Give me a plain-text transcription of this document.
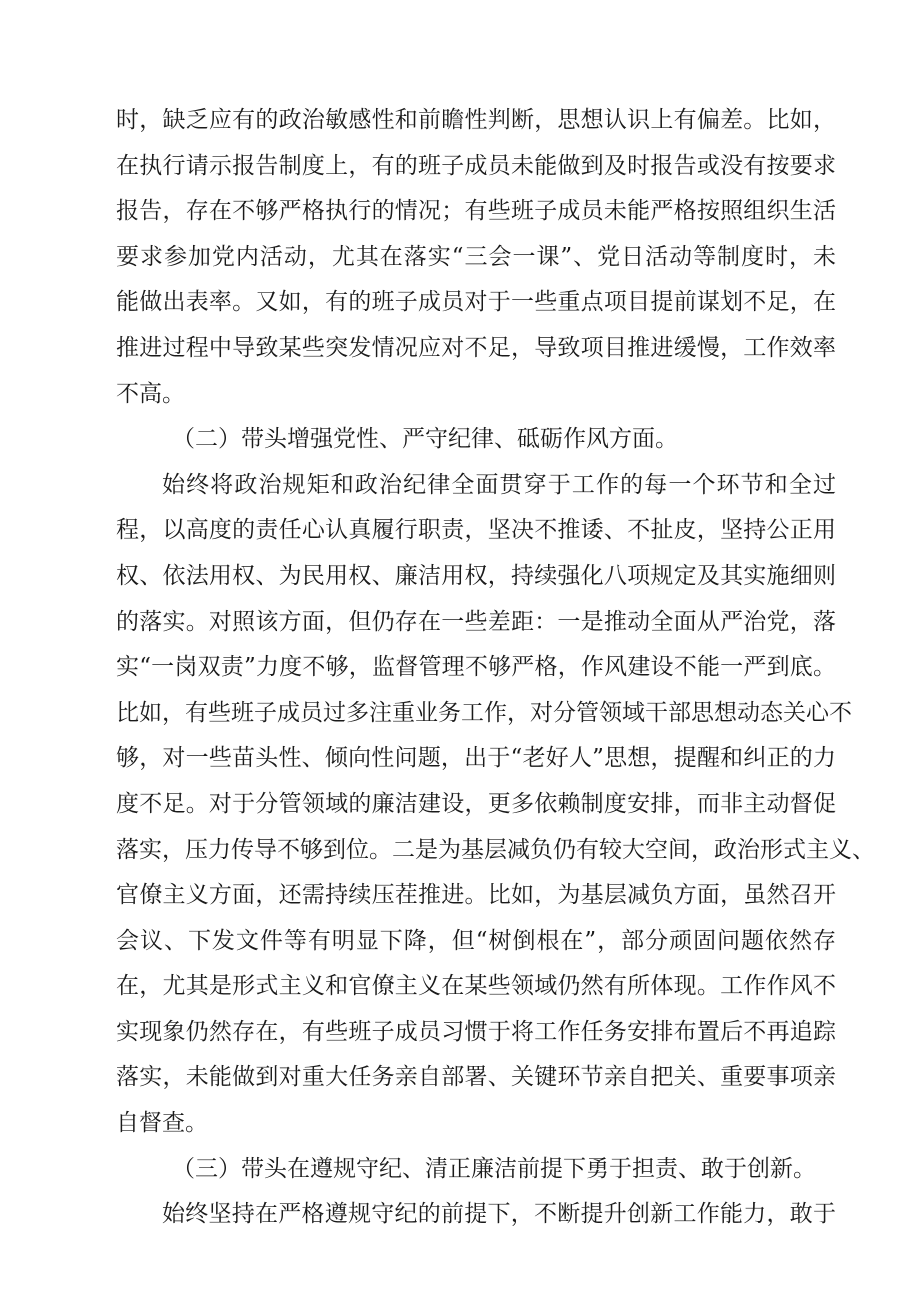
时，缺乏应有的政治敏感性和前瞻性判断，思想认识上有偏差。比如，
在执行请示报告制度上，有的班子成员未能做到及时报告或没有按要求
报告，存在不够严格执行的情况；有些班子成员未能严格按照组织生活
要求参加党内活动，尤其在落实“三会一课”、党日活动等制度时，未
能做出表率。又如，有的班子成员对于一些重点项目提前谋划不足，在
推进过程中导致某些突发情况应对不足，导致项目推进缓慢，工作效率
不高。
（二）带头增强党性、严守纪律、砥砺作风方面。
始终将政治规矩和政治纪律全面贯穿于工作的每一个环节和全过
程，以高度的责任心认真履行职责，坚决不推诿、不扯皮，坚持公正用
权、依法用权、为民用权、廉洁用权，持续强化八项规定及其实施细则
的落实。对照该方面，但仍存在一些差距：一是推动全面从严治党，落
实“一岗双责”力度不够，监督管理不够严格，作风建设不能一严到底。
比如，有些班子成员过多注重业务工作，对分管领域干部思想动态关心不
够，对一些苗头性、倾向性问题，出于“老好人”思想，提醒和纠正的力
度不足。对于分管领域的廉洁建设，更多依赖制度安排，而非主动督促
落实，压力传导不够到位。二是为基层减负仍有较大空间，政治形式主义、
官僚主义方面，还需持续压茬推进。比如，为基层减负方面，虽然召开
会议、下发文件等有明显下降，但“树倒根在”，部分顽固问题依然存
在，尤其是形式主义和官僚主义在某些领域仍然有所体现。工作作风不
实现象仍然存在，有些班子成员习惯于将工作任务安排布置后不再追踪
落实，未能做到对重大任务亲自部署、关键环节亲自把关、重要事项亲
自督查。
（三）带头在遵规守纪、清正廉洁前提下勇于担责、敢于创新。
始终坚持在严格遵规守纪的前提下，不断提升创新工作能力，敢于
